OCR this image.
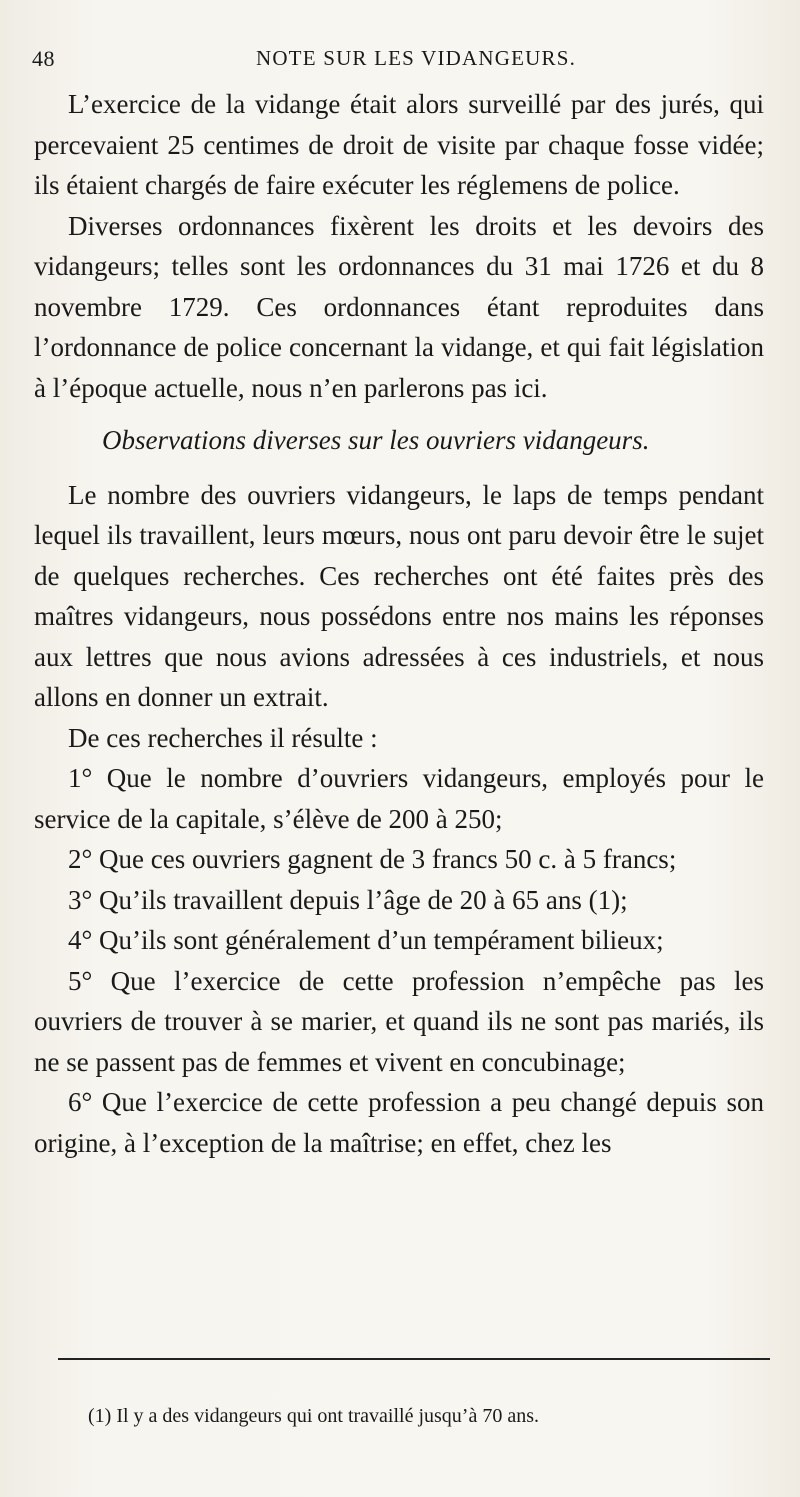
48	NOTE SUR LES VIDANGEURS.

L’exercice de la vidange était alors surveillé par des jurés, qui percevaient 25 centimes de droit de visite par chaque fosse vidée; ils étaient chargés de faire exécuter les réglemens de police.

Diverses ordonnances fixèrent les droits et les devoirs des vidangeurs; telles sont les ordonnances du 31 mai 1726 et du 8 novembre 1729. Ces ordonnances étant reproduites dans l’ordonnance de police concernant la vidange, et qui fait législation à l’époque actuelle, nous n’en parlerons pas ici.

Observations diverses sur les ouvriers vidangeurs.

Le nombre des ouvriers vidangeurs, le laps de temps pendant lequel ils travaillent, leurs mœurs, nous ont paru devoir être le sujet de quelques recherches. Ces recherches ont été faites près des maîtres vidangeurs, nous possédons entre nos mains les réponses aux lettres que nous avions adressées à ces industriels, et nous allons en donner un extrait.

De ces recherches il résulte :

1° Que le nombre d’ouvriers vidangeurs, employés pour le service de la capitale, s’élève de 200 à 250;

2° Que ces ouvriers gagnent de 3 francs 50 c. à 5 francs;

3° Qu’ils travaillent depuis l’âge de 20 à 65 ans (1);

4° Qu’ils sont généralement d’un tempérament bilieux;

5° Que l’exercice de cette profession n’empêche pas les ouvriers de trouver à se marier, et quand ils ne sont pas mariés, ils ne se passent pas de femmes et vivent en concubinage;

6° Que l’exercice de cette profession a peu changé depuis son origine, à l’exception de la maîtrise; en effet, chez les

(1) Il y a des vidangeurs qui ont travaillé jusqu’à 70 ans.
